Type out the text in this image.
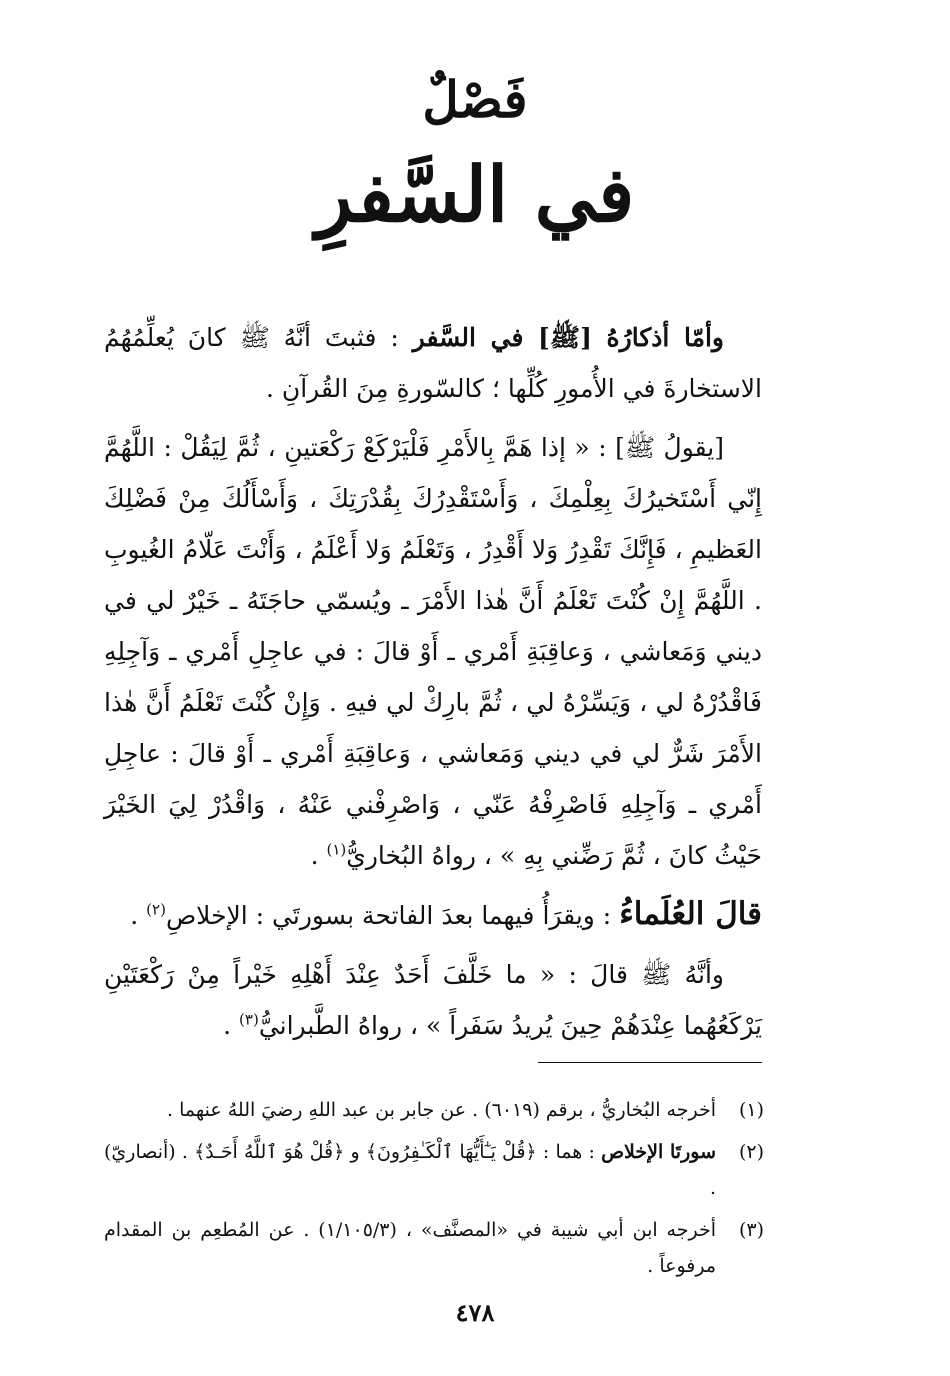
فَصْلٌ

في السَّفرِ

وأمّا أذكارُهُ [ﷺ] في السَّفر : فثبتَ أنَّهُ ﷺ كانَ يُعلِّمُهُمُ الاستخارةَ في الأُمورِ كُلِّها ؛ كالسّورةِ مِنَ القُرآنِ .

[يقولُ ﷺ] : « إذا هَمَّ بِالأَمْرِ فَلْيَرْكَعْ رَكْعَتينِ ، ثُمَّ لِيَقُلْ : اللَّهُمَّ إِنّي أَسْتَخيرُكَ بِعِلْمِكَ ، وَأَسْتَقْدِرُكَ بِقُدْرَتِكَ ، وَأَسْأَلُكَ مِنْ فَضْلِكَ العَظيمِ ، فَإِنَّكَ تَقْدِرُ وَلا أَقْدِرُ ، وَتَعْلَمُ وَلا أَعْلَمُ ، وَأَنْتَ عَلّامُ الغُيوبِ . اللَّهُمَّ إِنْ كُنْتَ تَعْلَمُ أَنَّ هٰذا الأَمْرَ ـ ويُسمّي حاجَتَهُ ـ خَيْرٌ لي في ديني وَمَعاشي ، وَعاقِبَةِ أَمْري ـ أَوْ قالَ : في عاجِلِ أَمْري ـ وَآجِلِهِ فَاقْدُرْهُ لي ، وَيَسِّرْهُ لي ، ثُمَّ بارِكْ لي فيهِ . وَإِنْ كُنْتَ تَعْلَمُ أَنَّ هٰذا الأَمْرَ شَرٌّ لي في ديني وَمَعاشي ، وَعاقِبَةِ أَمْري ـ أَوْ قالَ : عاجِلِ أَمْري ـ وَآجِلِهِ فَاصْرِفْهُ عَنّي ، وَاصْرِفْني عَنْهُ ، وَاقْدُرْ لِيَ الخَيْرَ حَيْثُ كانَ ، ثُمَّ رَضِّني بِهِ » ، رواهُ البُخاريُّ$^{(١)}$ .

قالَ العُلَماءُ : ويقرَأُ فيهما بعدَ الفاتحة بسورتَي : الإخلاصِ$^{(٢)}$ .

وأنَّهُ ﷺ قالَ : « ما خَلَّفَ أَحَدٌ عِنْدَ أَهْلِهِ خَيْراً مِنْ رَكْعَتَيْنِ يَرْكَعُهُما عِنْدَهُمْ حِينَ يُريدُ سَفَراً » ، رواهُ الطَّبرانيُّ$^{(٣)}$ .

(١)
أخرجه البُخاريُّ ، برقم (٦٠١٩) . عن جابر بن عبد اللهِ رضيَ اللهُ عنهما .
(٢)
سورتَا الإخلاص : هما : ﴿قُلْ يَـٰٓأَيُّهَا ٱلْكَـٰفِرُونَ﴾ و ﴿قُلْ هُوَ ٱللَّهُ أَحَـدٌ﴾ . (أنصاريّ) .
(٣)
أخرجه ابن أبي شيبة في «المصنَّف» ، (١/١٠٥/٣) . عن المُطعِم بن المقدام مرفوعاً .
٤٧٨
